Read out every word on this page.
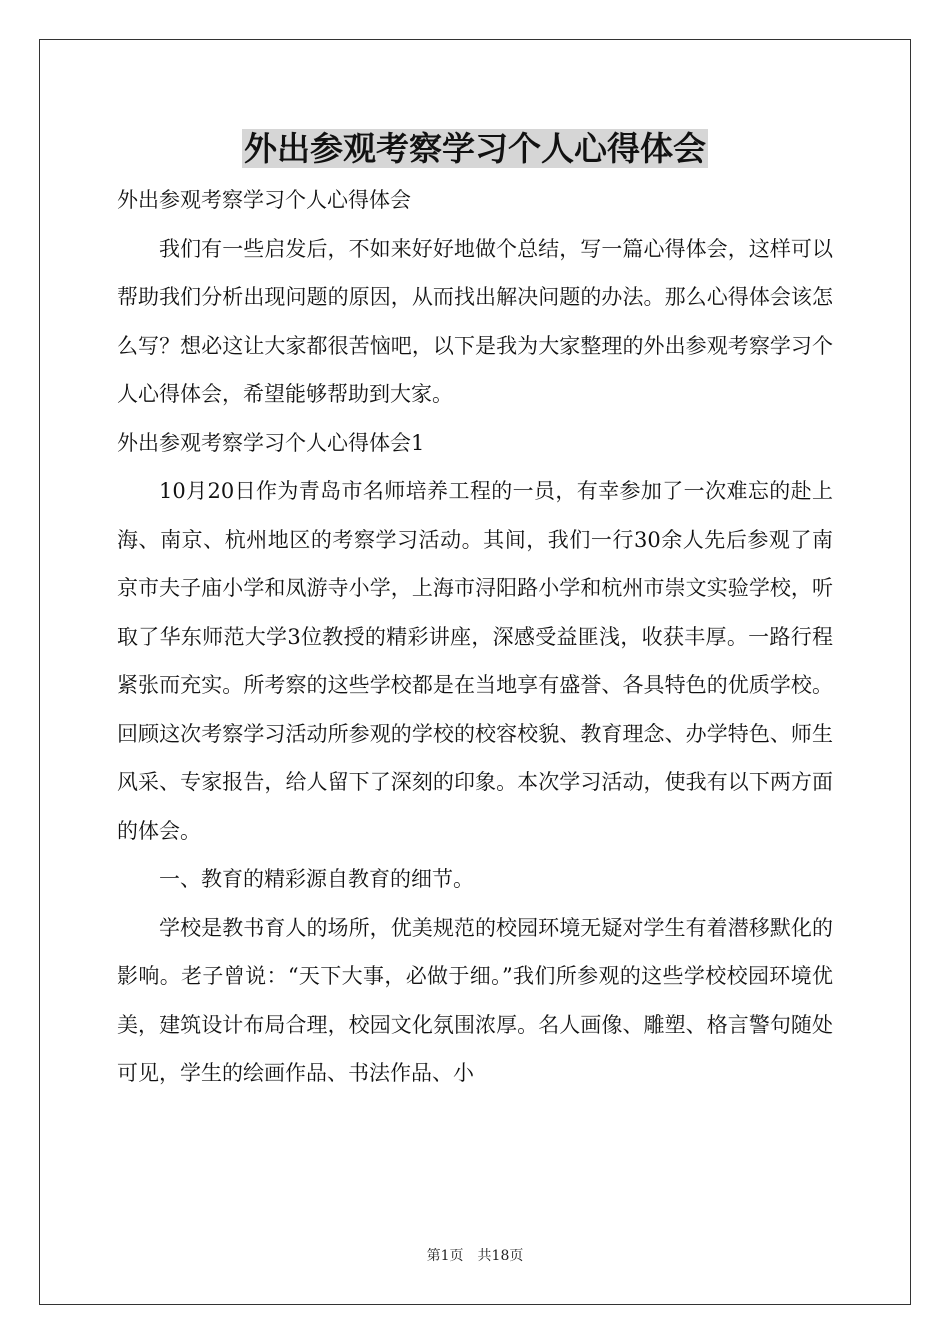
外出参观考察学习个人心得体会

外出参观考察学习个人心得体会

我们有一些启发后，不如来好好地做个总结，写一篇心得体会，这样可以帮助我们分析出现问题的原因，从而找出解决问题的办法。那么心得体会该怎么写？想必这让大家都很苦恼吧，以下是我为大家整理的外出参观考察学习个人心得体会，希望能够帮助到大家。

外出参观考察学习个人心得体会1

10月20日作为青岛市名师培养工程的一员，有幸参加了一次难忘的赴上海、南京、杭州地区的考察学习活动。其间，我们一行30余人先后参观了南京市夫子庙小学和凤游寺小学，上海市浔阳路小学和杭州市崇文实验学校，听取了华东师范大学3位教授的精彩讲座，深感受益匪浅，收获丰厚。一路行程紧张而充实。所考察的这些学校都是在当地享有盛誉、各具特色的优质学校。回顾这次考察学习活动所参观的学校的校容校貌、教育理念、办学特色、师生风采、专家报告，给人留下了深刻的印象。本次学习活动，使我有以下两方面的体会。

一、教育的精彩源自教育的细节。

学校是教书育人的场所，优美规范的校园环境无疑对学生有着潜移默化的影响。老子曾说：“天下大事，必做于细。”我们所参观的这些学校校园环境优美，建筑设计布局合理，校园文化氛围浓厚。名人画像、雕塑、格言警句随处可见，学生的绘画作品、书法作品、小

第1页　共18页
